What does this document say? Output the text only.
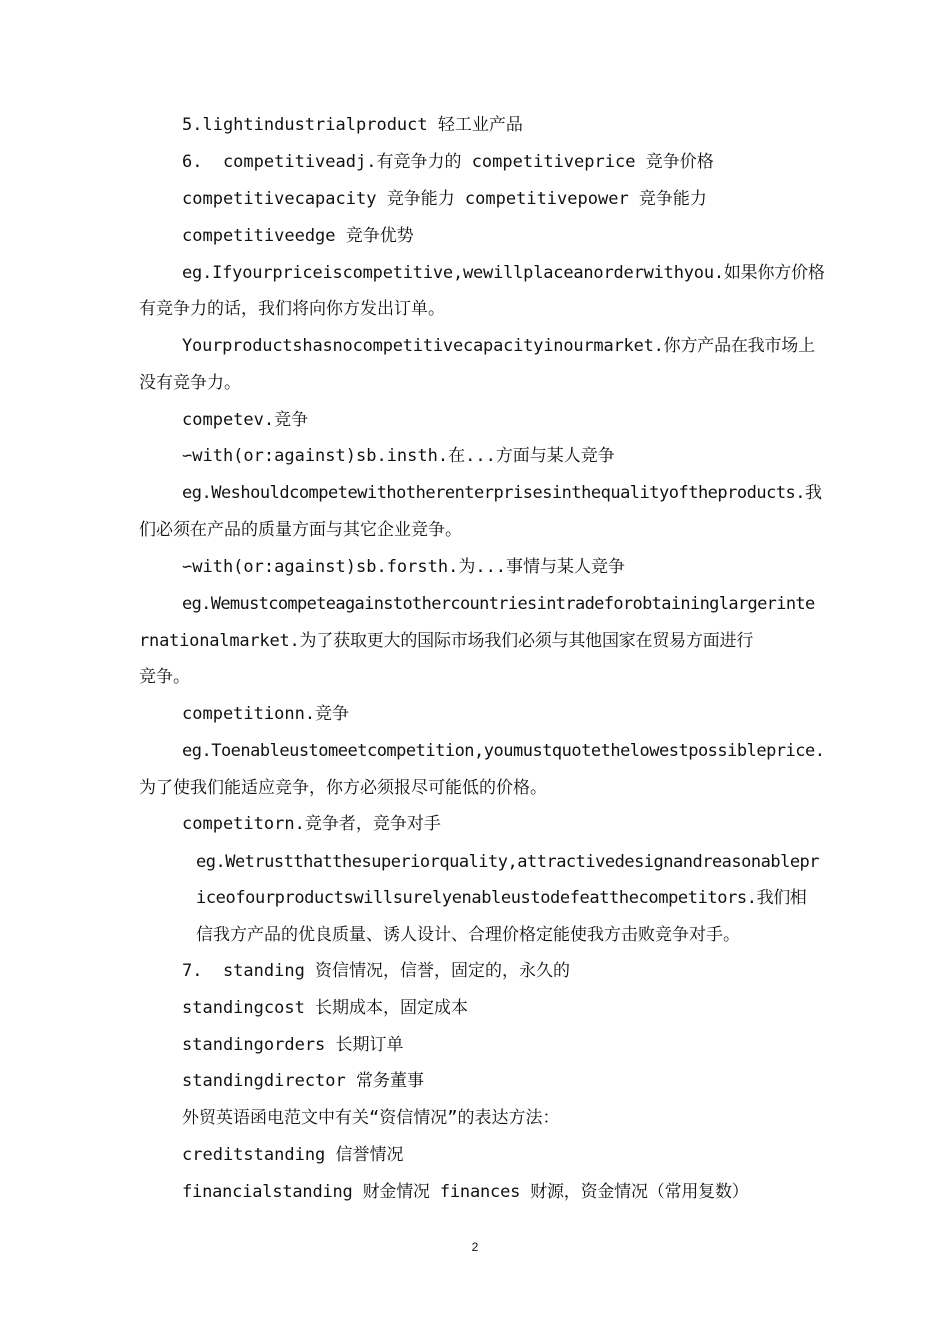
5.lightindustrialproduct 轻工业产品
6.  competitiveadj.有竞争力的 competitiveprice 竞争价格
competitivecapacity 竞争能力 competitivepower 竞争能力
competitiveedge 竞争优势
eg.Ifyourpriceiscompetitive,wewillplaceanorderwithyou.如果你方价格
有竞争力的话，我们将向你方发出订单。
Yourproductshasnocompetitivecapacityinourmarket.你方产品在我市场上
没有竞争力。
competev.竞争
∽with(or:against)sb.insth.在...方面与某人竞争
eg.Weshouldcompetewithotherenterprisesinthequalityoftheproducts.我
们必须在产品的质量方面与其它企业竞争。
∽with(or:against)sb.forsth.为...事情与某人竞争
eg.Wemustcompeteagainstothercountriesintradeforobtaininglargerinte
rnationalmarket.为了获取更大的国际市场我们必须与其他国家在贸易方面进行
竞争。
competitionn.竞争
eg.Toenableustomeetcompetition,youmustquotethelowestpossibleprice.
为了使我们能适应竞争，你方必须报尽可能低的价格。
competitorn.竞争者，竞争对手
eg.Wetrustthatthesuperiorquality,attractivedesignandreasonablepr
iceofourproductswillsurelyenableustodefeatthecompetitors.我们相
信我方产品的优良质量、诱人设计、合理价格定能使我方击败竞争对手。
7.  standing 资信情况，信誉，固定的，永久的
standingcost 长期成本，固定成本
standingorders 长期订单
standingdirector 常务董事
外贸英语函电范文中有关“资信情况”的表达方法：
creditstanding 信誉情况
financialstanding 财金情况 finances 财源，资金情况（常用复数）
2
